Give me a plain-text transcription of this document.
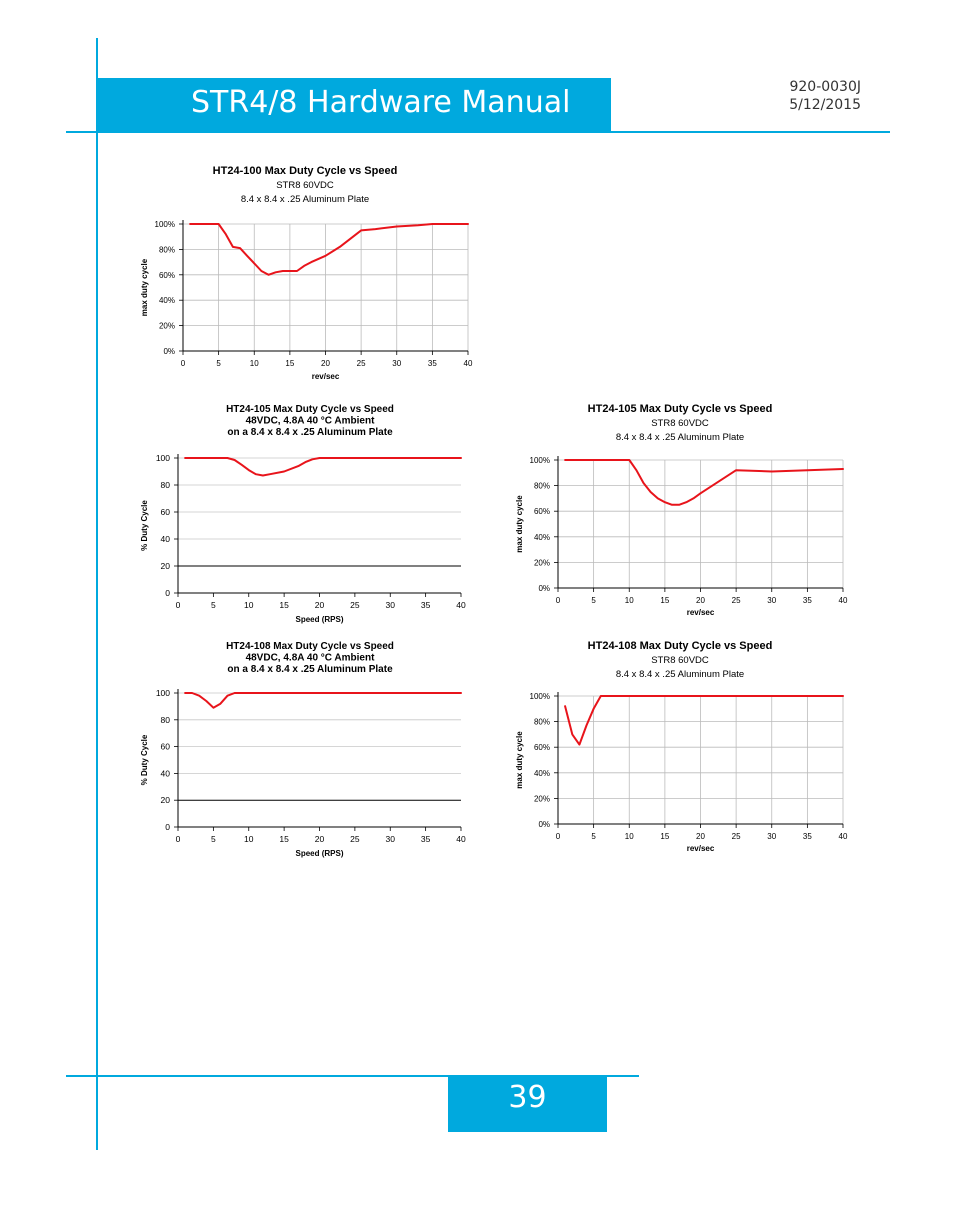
STR4/8 Hardware Manual	920-0030J
5/12/2015
39
HT24-100 Max Duty Cycle vs Speed
STR8 60VDC
8.4 x 8.4 x .25 Aluminum Plate
0%
20%
40%
60%
80%
100%
0	5	10	15	20	25	30	35	40
rev/sec
max duty cycle
HT24-105 Max Duty Cycle vs Speed
48VDC, 4.8A 40 °C Ambient
on a 8.4 x 8.4 x .25 Aluminum Plate
0
20
40
60
80
100
0	5	10	15	20	25	30	35	40
Speed (RPS)
% Duty Cycle
HT24-105 Max Duty Cycle vs Speed
STR8 60VDC
8.4 x 8.4 x .25 Aluminum Plate
0%
20%
40%
60%
80%
100%
0	5	10	15	20	25	30	35	40
rev/sec
max duty cycle
HT24-108 Max Duty Cycle vs Speed
48VDC, 4.8A 40 °C Ambient
on a 8.4 x 8.4 x .25 Aluminum Plate
0
20
40
60
80
100
0	5	10	15	20	25	30	35	40
Speed (RPS)
% Duty Cycle
HT24-108 Max Duty Cycle vs Speed
STR8 60VDC
8.4 x 8.4 x .25 Aluminum Plate
0%
20%
40%
60%
80%
100%
0	5	10	15	20	25	30	35	40
rev/sec
max duty cycle
